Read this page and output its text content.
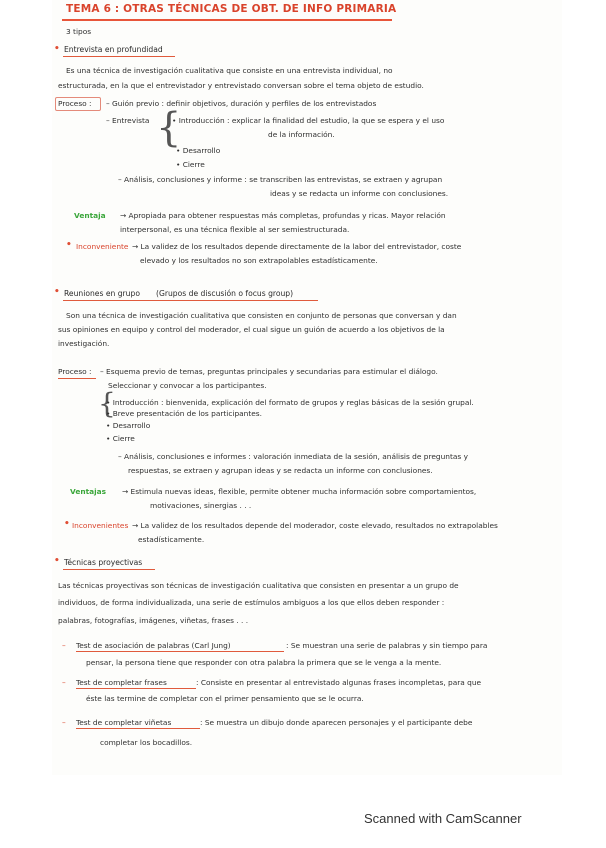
TEMA 6 : OTRAS TÉCNICAS DE OBT. DE INFO PRIMARIA
3 tipos
• Entrevista en profundidad
Es una técnica de investigación cualitativa que consiste en una entrevista individual, no
estructurada, en la que el entrevistador y entrevistado conversan sobre el tema objeto de estudio.
Proceso : – Guión previo : definir objetivos, duración y perfiles de los entrevistados
– Entrevista {
• Introducción : explicar la finalidad del estudio, la que se espera y el uso
de la información.
• Desarrollo
• Cierre
– Análisis, conclusiones y informe : se transcriben las entrevistas, se extraen y agrupan
ideas y se redacta un informe con conclusiones.
Ventaja → Apropiada para obtener respuestas más completas, profundas y ricas. Mayor relación
interpersonal, es una técnica flexible al ser semiestructurada.
• Inconveniente → La validez de los resultados depende directamente de la labor del entrevistador, coste
elevado y los resultados no son extrapolables estadísticamente.
• Reuniones en grupo (Grupos de discusión o focus group)
Son una técnica de investigación cualitativa que consisten en conjunto de personas que conversan y dan
sus opiniones en equipo y control del moderador, el cual sigue un guión de acuerdo a los objetivos de la
investigación.
Proceso : – Esquema previo de temas, preguntas principales y secundarias para estimular el diálogo.
Seleccionar y convocar a los participantes.
{
• Introducción : bienvenida, explicación del formato de grupos y reglas básicas de la sesión grupal.
• Breve presentación de los participantes.
• Desarrollo
• Cierre
– Análisis, conclusiones e informes : valoración inmediata de la sesión, análisis de preguntas y
respuestas, se extraen y agrupan ideas y se redacta un informe con conclusiones.
Ventajas → Estimula nuevas ideas, flexible, permite obtener mucha información sobre comportamientos,
motivaciones, sinergias . . .
• Inconvenientes → La validez de los resultados depende del moderador, coste elevado, resultados no extrapolables
estadísticamente.
• Técnicas proyectivas
Las técnicas proyectivas son técnicas de investigación cualitativa que consisten en presentar a un grupo de
individuos, de forma individualizada, una serie de estímulos ambiguos a los que ellos deben responder :
palabras, fotografías, imágenes, viñetas, frases . . .
– Test de asociación de palabras (Carl Jung)	: Se muestran una serie de palabras y sin tiempo para
pensar, la persona tiene que responder con otra palabra la primera que se le venga a la mente.
– Test de completar frases	: Consiste en presentar al entrevistado algunas frases incompletas, para que
éste las termine de completar con el primer pensamiento que se le ocurra.
– Test de completar viñetas	: Se muestra un dibujo donde aparecen personajes y el participante debe
completar los bocadillos.
Scanned with CamScanner
